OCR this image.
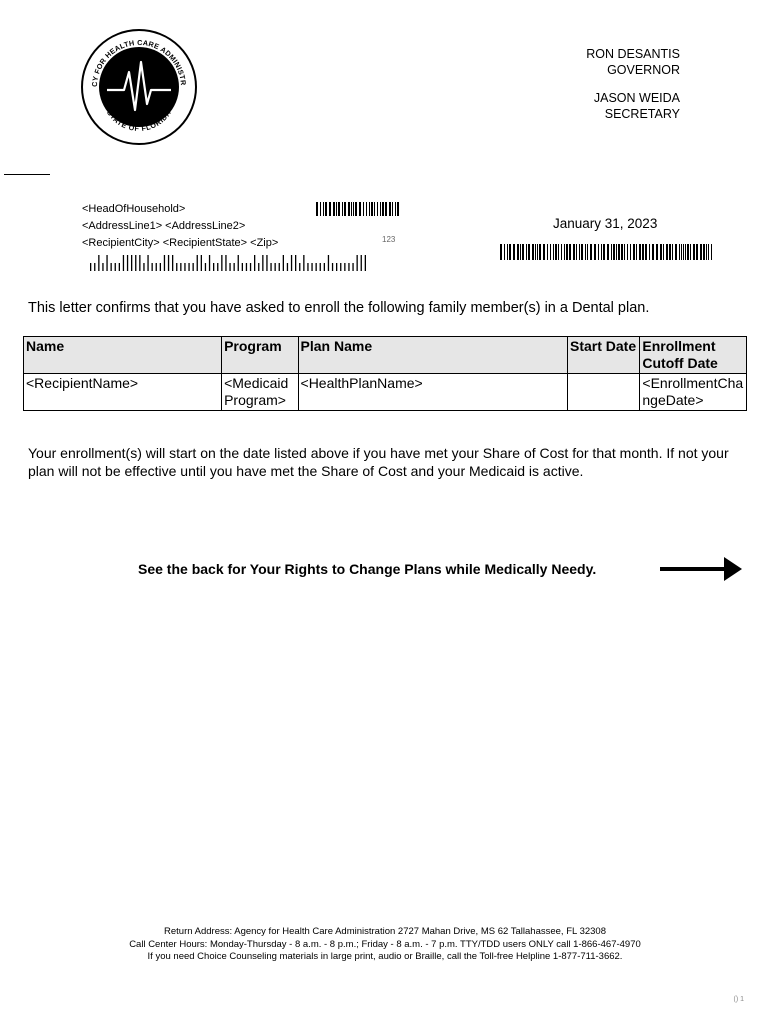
CY FOR HEALTH CARE ADMINISTR
STATE OF FLORIDA
RON DESANTIS
GOVERNOR
JASON WEIDA
SECRETARY
<HeadOfHousehold>
<AddressLine1> <AddressLine2>
<RecipientCity> <RecipientState> <Zip>	123
January 31, 2023
This letter confirms that you have asked to enroll the following family member(s) in a Dental plan.
Name	Program	Plan Name	Start Date	Enrollment Cutoff Date
<RecipientName>	<Medicaid Program>	<HealthPlanName>		<EnrollmentChangeDate>
Your enrollment(s) will start on the date listed above if you have met your Share of Cost for that month. If not your plan will not be effective until you have met the Share of Cost and your Medicaid is active.
See the back for Your Rights to Change Plans while Medically Needy.
Return Address: Agency for Health Care Administration 2727 Mahan Drive, MS 62 Tallahassee, FL 32308
Call Center Hours: Monday-Thursday - 8 a.m. - 8 p.m.; Friday - 8 a.m. - 7 p.m. TTY/TDD users ONLY call 1-866-467-4970
If you need Choice Counseling materials in large print, audio or Braille, call the Toll-free Helpline 1-877-711-3662.
() 1
